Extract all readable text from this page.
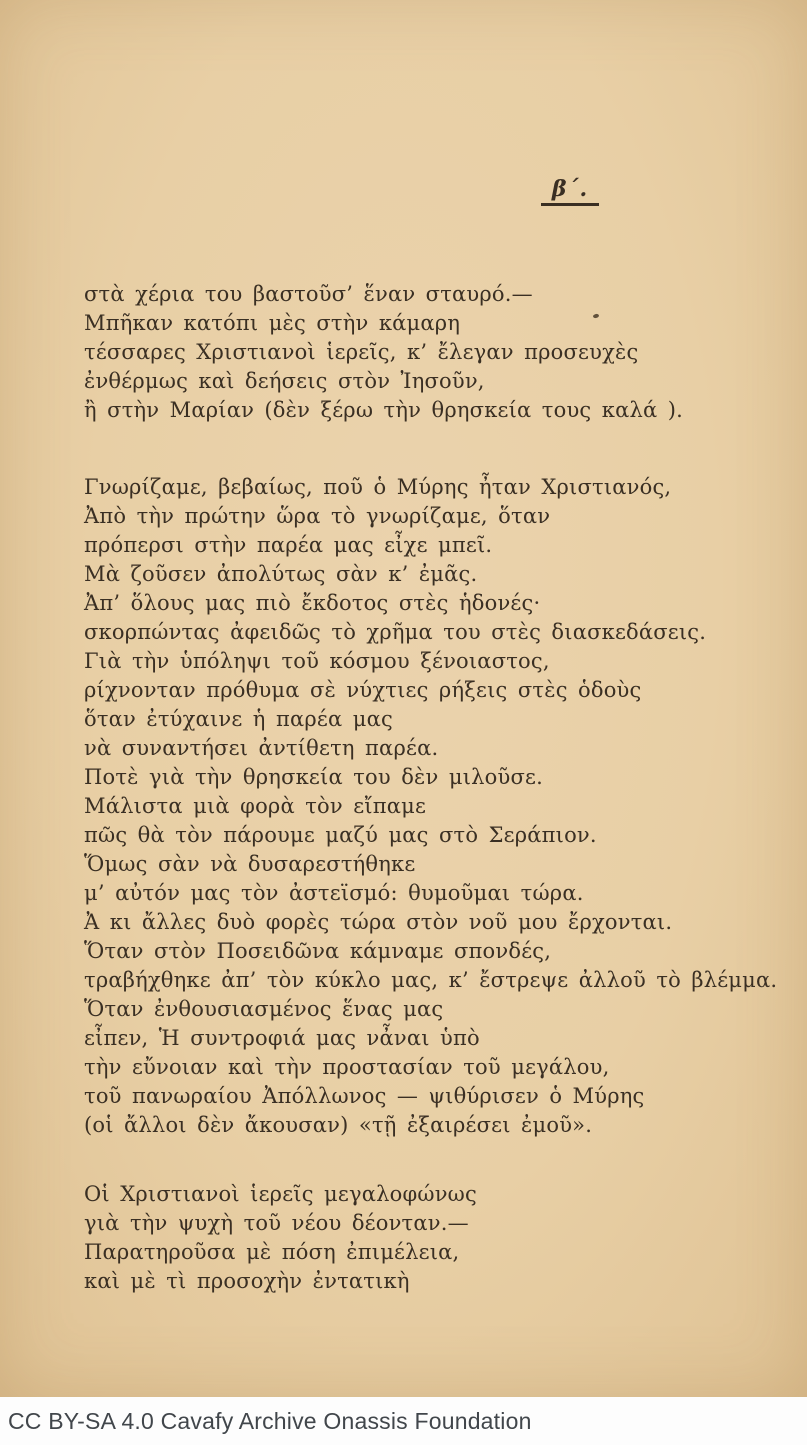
β΄.
στὰ χέρια του βαστοῦσ’ ἕναν σταυρό.—
Μπῆκαν κατόπι μὲς στὴν κάμαρη
τέσσαρες Χριστιανοὶ ἱερεῖς, κ’ ἔλεγαν προσευχὲς
ἐνθέρμως καὶ δεήσεις στὸν Ἰησοῦν,
ἢ στὴν Μαρίαν (δὲν ξέρω τὴν θρησκεία τους καλά ).
Γνωρίζαμε, βεβαίως, ποῦ ὁ Μύρης ἦταν Χριστιανός,
Ἀπὸ τὴν πρώτην ὥρα τὸ γνωρίζαμε, ὅταν
πρόπερσι στὴν παρέα μας εἶχε μπεῖ.
Μὰ ζοῦσεν ἀπολύτως σὰν κ’ ἐμᾶς.
Ἀπ’ ὅλους μας πιὸ ἔκδοτος στὲς ἡδονές·
σκορπώντας ἀφειδῶς τὸ χρῆμα του στὲς διασκεδάσεις.
Γιὰ τὴν ὑπόληψι τοῦ κόσμου ξένοιαστος,
ρίχνονταν πρόθυμα σὲ νύχτιες ρήξεις στὲς ὁδοὺς
ὅταν ἐτύχαινε ἡ παρέα μας
νὰ συναντήσει ἀντίθετη παρέα.
Ποτὲ γιὰ τὴν θρησκεία του δὲν μιλοῦσε.
Μάλιστα μιὰ φορὰ τὸν εἴπαμε
πῶς θὰ τὸν πάρουμε μαζύ μας στὸ Σεράπιον.
Ὅμως σὰν νὰ δυσαρεστήθηκε
μ’ αὐτόν μας τὸν ἀστεϊσμό: θυμοῦμαι τώρα.
Ἀ κι ἄλλες δυὸ φορὲς τώρα στὸν νοῦ μου ἔρχονται.
Ὅταν στὸν Ποσειδῶνα κάμναμε σπονδές,
τραβήχθηκε ἀπ’ τὸν κύκλο μας, κ’ ἔστρεψε ἀλλοῦ τὸ βλέμμα.
Ὅταν ἐνθουσιασμένος ἕνας μας
εἶπεν, Ἡ συντροφιά μας νἆναι ὑπὸ
τὴν εὔνοιαν καὶ τὴν προστασίαν τοῦ μεγάλου,
τοῦ πανωραίου Ἀπόλλωνος — ψιθύρισεν ὁ Μύρης
(οἱ ἄλλοι δὲν ἄκουσαν) «τῇ ἐξαιρέσει ἐμοῦ».
Οἱ Χριστιανοὶ ἱερεῖς μεγαλοφώνως
γιὰ τὴν ψυχὴ τοῦ νέου δέονταν.—
Παρατηροῦσα μὲ πόση ἐπιμέλεια,
καὶ μὲ τὶ προσοχὴν ἐντατικὴ
CC BY-SA 4.0 Cavafy Archive Onassis Foundation
